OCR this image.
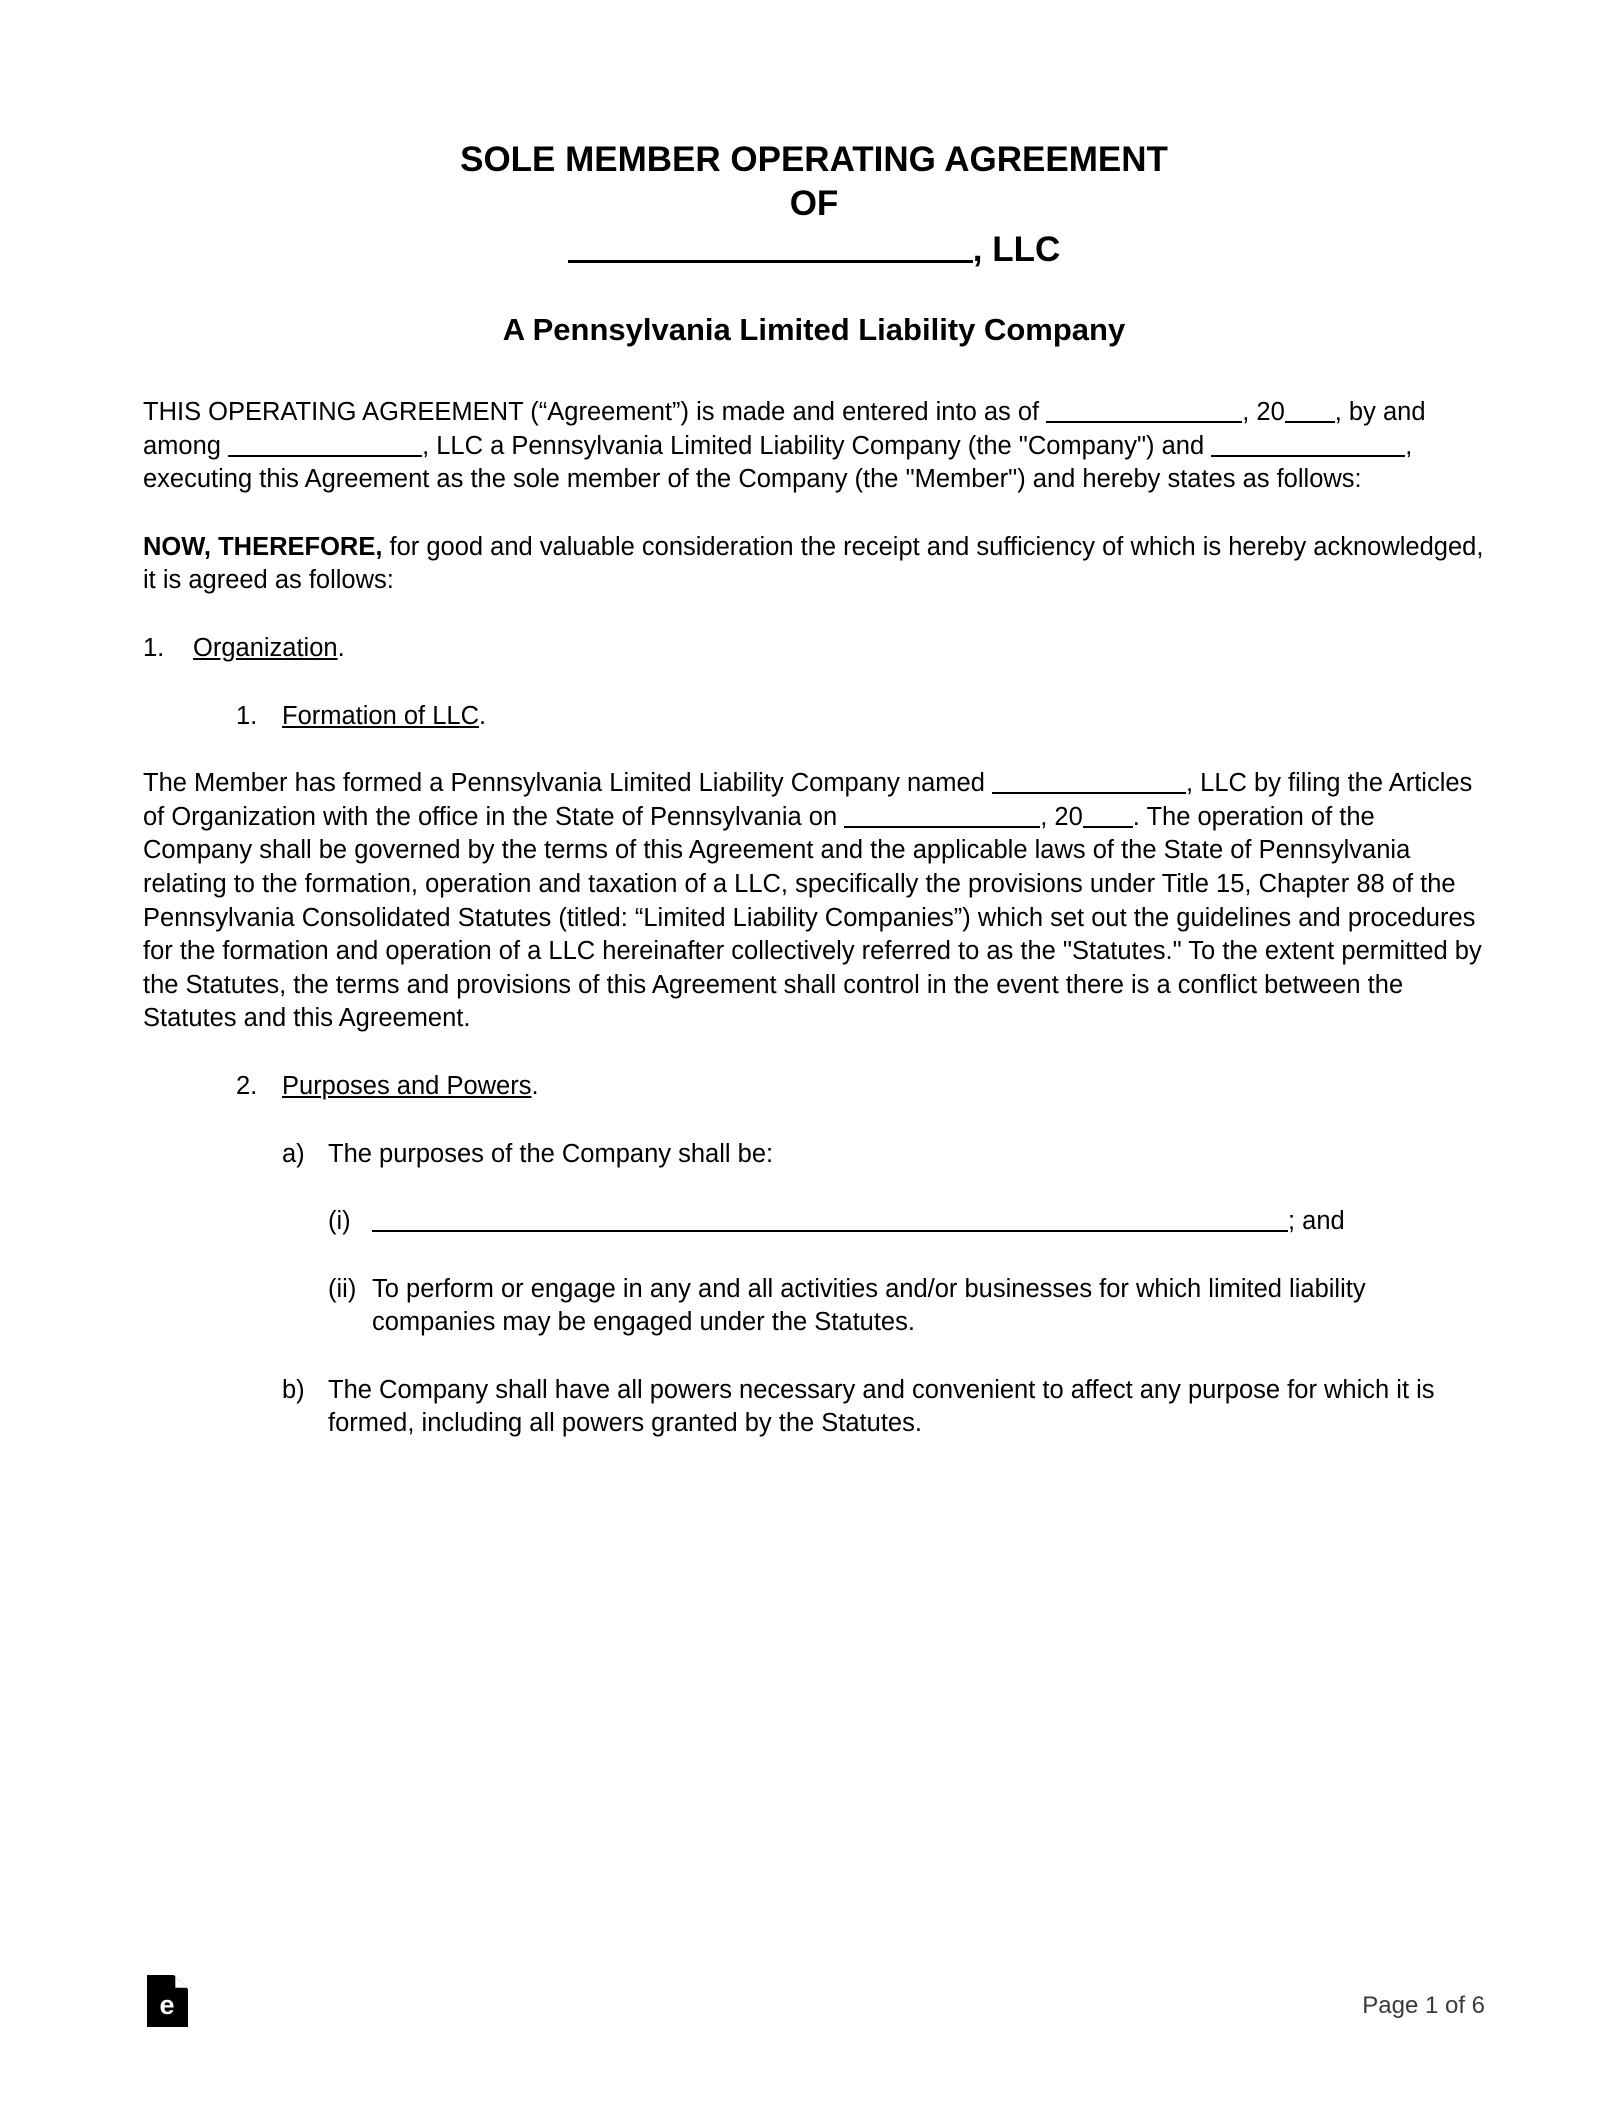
SOLE MEMBER OPERATING AGREEMENT
OF
, LLC
A Pennsylvania Limited Liability Company

THIS OPERATING AGREEMENT (“Agreement”) is made and entered into as of	, 20 , by and among	, LLC a Pennsylvania Limited Liability Company (the "Company") and	, executing this Agreement as the sole member of the Company (the "Member") and hereby states as follows:

NOW, THEREFORE, for good and valuable consideration the receipt and sufficiency of which is hereby acknowledged, it is agreed as follows:

1.	Organization.
1. Formation of LLC.

The Member has formed a Pennsylvania Limited Liability Company named	, LLC by filing the Articles of Organization with the office in the State of Pennsylvania on	, 20 . The operation of the Company shall be governed by the terms of this Agreement and the applicable laws of the State of Pennsylvania relating to the formation, operation and taxation of a LLC, specifically the provisions under Title 15, Chapter 88 of the Pennsylvania Consolidated Statutes (titled: “Limited Liability Companies”) which set out the guidelines and procedures for the formation and operation of a LLC hereinafter collectively referred to as the "Statutes." To the extent permitted by the Statutes, the terms and provisions of this Agreement shall control in the event there is a conflict between the Statutes and this Agreement.

2. Purposes and Powers.
a) The purposes of the Company shall be:
(i)	; and
(ii) To perform or engage in any and all activities and/or businesses for which limited liability companies may be engaged under the Statutes.
b) The Company shall have all powers necessary and convenient to affect any purpose for which it is formed, including all powers granted by the Statutes.
e	Page 1 of 6
